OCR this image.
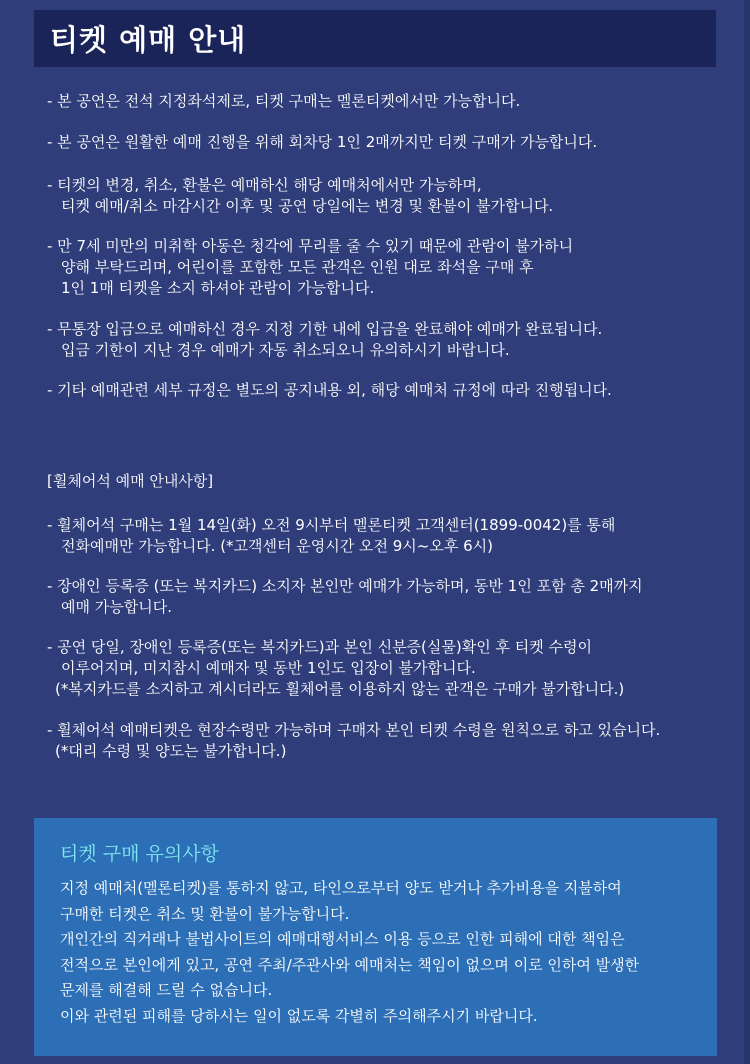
티켓 예매 안내
- 본 공연은 전석 지정좌석제로, 티켓 구매는 멜론티켓에서만 가능합니다.
- 본 공연은 원활한 예매 진행을 위해 회차당 1인 2매까지만 티켓 구매가 가능합니다.
- 티켓의 변경, 취소, 환불은 예매하신 해당 예매처에서만 가능하며,
티켓 예매/취소 마감시간 이후 및 공연 당일에는 변경 및 환불이 불가합니다.
- 만 7세 미만의 미취학 아동은 청각에 무리를 줄 수 있기 때문에 관람이 불가하니
양해 부탁드리며, 어린이를 포함한 모든 관객은 인원 대로 좌석을 구매 후
1인 1매 티켓을 소지 하셔야 관람이 가능합니다.
- 무통장 입금으로 예매하신 경우 지정 기한 내에 입금을 완료해야 예매가 완료됩니다.
입금 기한이 지난 경우 예매가 자동 취소되오니 유의하시기 바랍니다.
- 기타 예매관련 세부 규정은 별도의 공지내용 외, 해당 예매처 규정에 따라 진행됩니다.
[휠체어석 예매 안내사항]
- 휠체어석 구매는 1월 14일(화) 오전 9시부터 멜론티켓 고객센터(1899-0042)를 통해
전화예매만 가능합니다. (*고객센터 운영시간 오전 9시~오후 6시)
- 장애인 등록증 (또는 복지카드) 소지자 본인만 예매가 가능하며, 동반 1인 포함 총 2매까지
예매 가능합니다.
- 공연 당일, 장애인 등록증(또는 복지카드)과 본인 신분증(실물)확인 후 티켓 수령이
이루어지며, 미지참시 예매자 및 동반 1인도 입장이 불가합니다.
(*복지카드를 소지하고 계시더라도 휠체어를 이용하지 않는 관객은 구매가 불가합니다.)
- 휠체어석 예매티켓은 현장수령만 가능하며 구매자 본인 티켓 수령을 원칙으로 하고 있습니다.
(*대리 수령 및 양도는 불가합니다.)
티켓 구매 유의사항
지정 예매처(멜론티켓)를 통하지 않고, 타인으로부터 양도 받거나 추가비용을 지불하여
구매한 티켓은 취소 및 환불이 불가능합니다.
개인간의 직거래나 불법사이트의 예매대행서비스 이용 등으로 인한 피해에 대한 책임은
전적으로 본인에게 있고, 공연 주최/주관사와 예매처는 책임이 없으며 이로 인하여 발생한
문제를 해결해 드릴 수 없습니다.
이와 관련된 피해를 당하시는 일이 없도록 각별히 주의해주시기 바랍니다.
